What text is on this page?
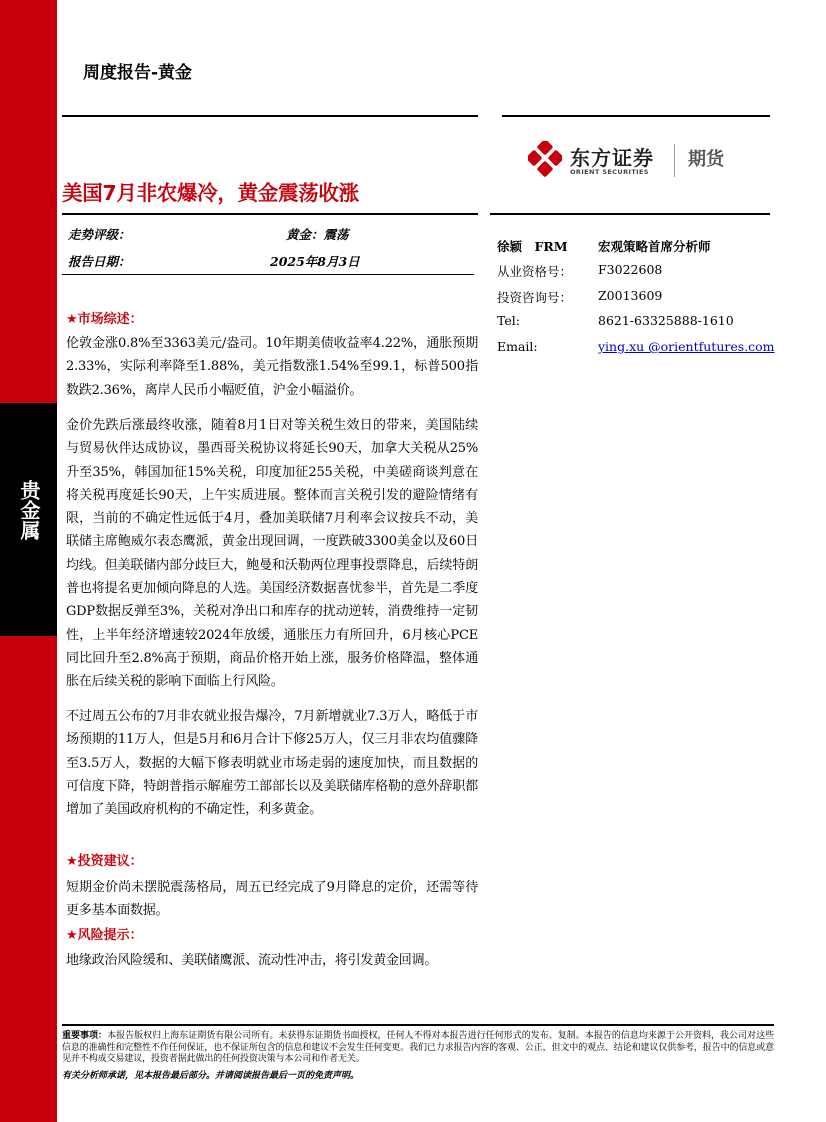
贵金属
周度报告-黄金
东方证券
ORIENT SECURITIES
期货
美国7月非农爆冷，黄金震荡收涨
走势评级：	黄金：震荡
报告日期：	2025年8月3日
徐颖　FRM 宏观策略首席分析师
从业资格号： F3022608
投资咨询号： Z0013609
Tel:	8621-63325888-1610
Email:	ying.xu @orientfutures.com
★市场综述：
伦敦金涨0.8%至3363美元/盎司。10年期美债收益率4.22%，通胀预期2.33%，实际利率降至1.88%，美元指数涨1.54%至99.1，标普500指数跌2.36%，离岸人民币小幅贬值，沪金小幅溢价。
金价先跌后涨最终收涨，随着8月1日对等关税生效日的带来，美国陆续与贸易伙伴达成协议，墨西哥关税协议将延长90天，加拿大关税从25%升至35%，韩国加征15%关税，印度加征255关税，中美磋商谈判意在将关税再度延长90天，上午实质进展。整体而言关税引发的避险情绪有限，当前的不确定性远低于4月，叠加美联储7月利率会议按兵不动，美联储主席鲍威尔表态鹰派，黄金出现回调，一度跌破3300美金以及60日均线。但美联储内部分歧巨大，鲍曼和沃勒两位理事投票降息，后续特朗普也将提名更加倾向降息的人选。美国经济数据喜忧参半，首先是二季度GDP数据反弹至3%，关税对净出口和库存的扰动逆转，消费维持一定韧性，上半年经济增速较2024年放缓，通胀压力有所回升，6月核心PCE同比回升至2.8%高于预期，商品价格开始上涨，服务价格降温，整体通胀在后续关税的影响下面临上行风险。
不过周五公布的7月非农就业报告爆冷，7月新增就业7.3万人，略低于市场预期的11万人，但是5月和6月合计下修25万人，仅三月非农均值骤降至3.5万人，数据的大幅下修表明就业市场走弱的速度加快，而且数据的可信度下降，特朗普指示解雇劳工部部长以及美联储库格勒的意外辞职都增加了美国政府机构的不确定性，利多黄金。
★投资建议：
短期金价尚未摆脱震荡格局，周五已经完成了9月降息的定价，还需等待更多基本面数据。
★风险提示：
地缘政治风险缓和、美联储鹰派、流动性冲击，将引发黄金回调。
重要事项：本报告版权归上海东证期货有限公司所有。未获得东证期货书面授权，任何人不得对本报告进行任何形式的发布、复制。本报告的信息均来源于公开资料，我公司对这些信息的准确性和完整性不作任何保证，也不保证所包含的信息和建议不会发生任何变更。我们已力求报告内容的客观、公正，但文中的观点、结论和建议仅供参考，报告中的信息或意见并不构成交易建议，投资者据此做出的任何投资决策与本公司和作者无关。
有关分析师承诺，见本报告最后部分。并请阅读报告最后一页的免责声明。
